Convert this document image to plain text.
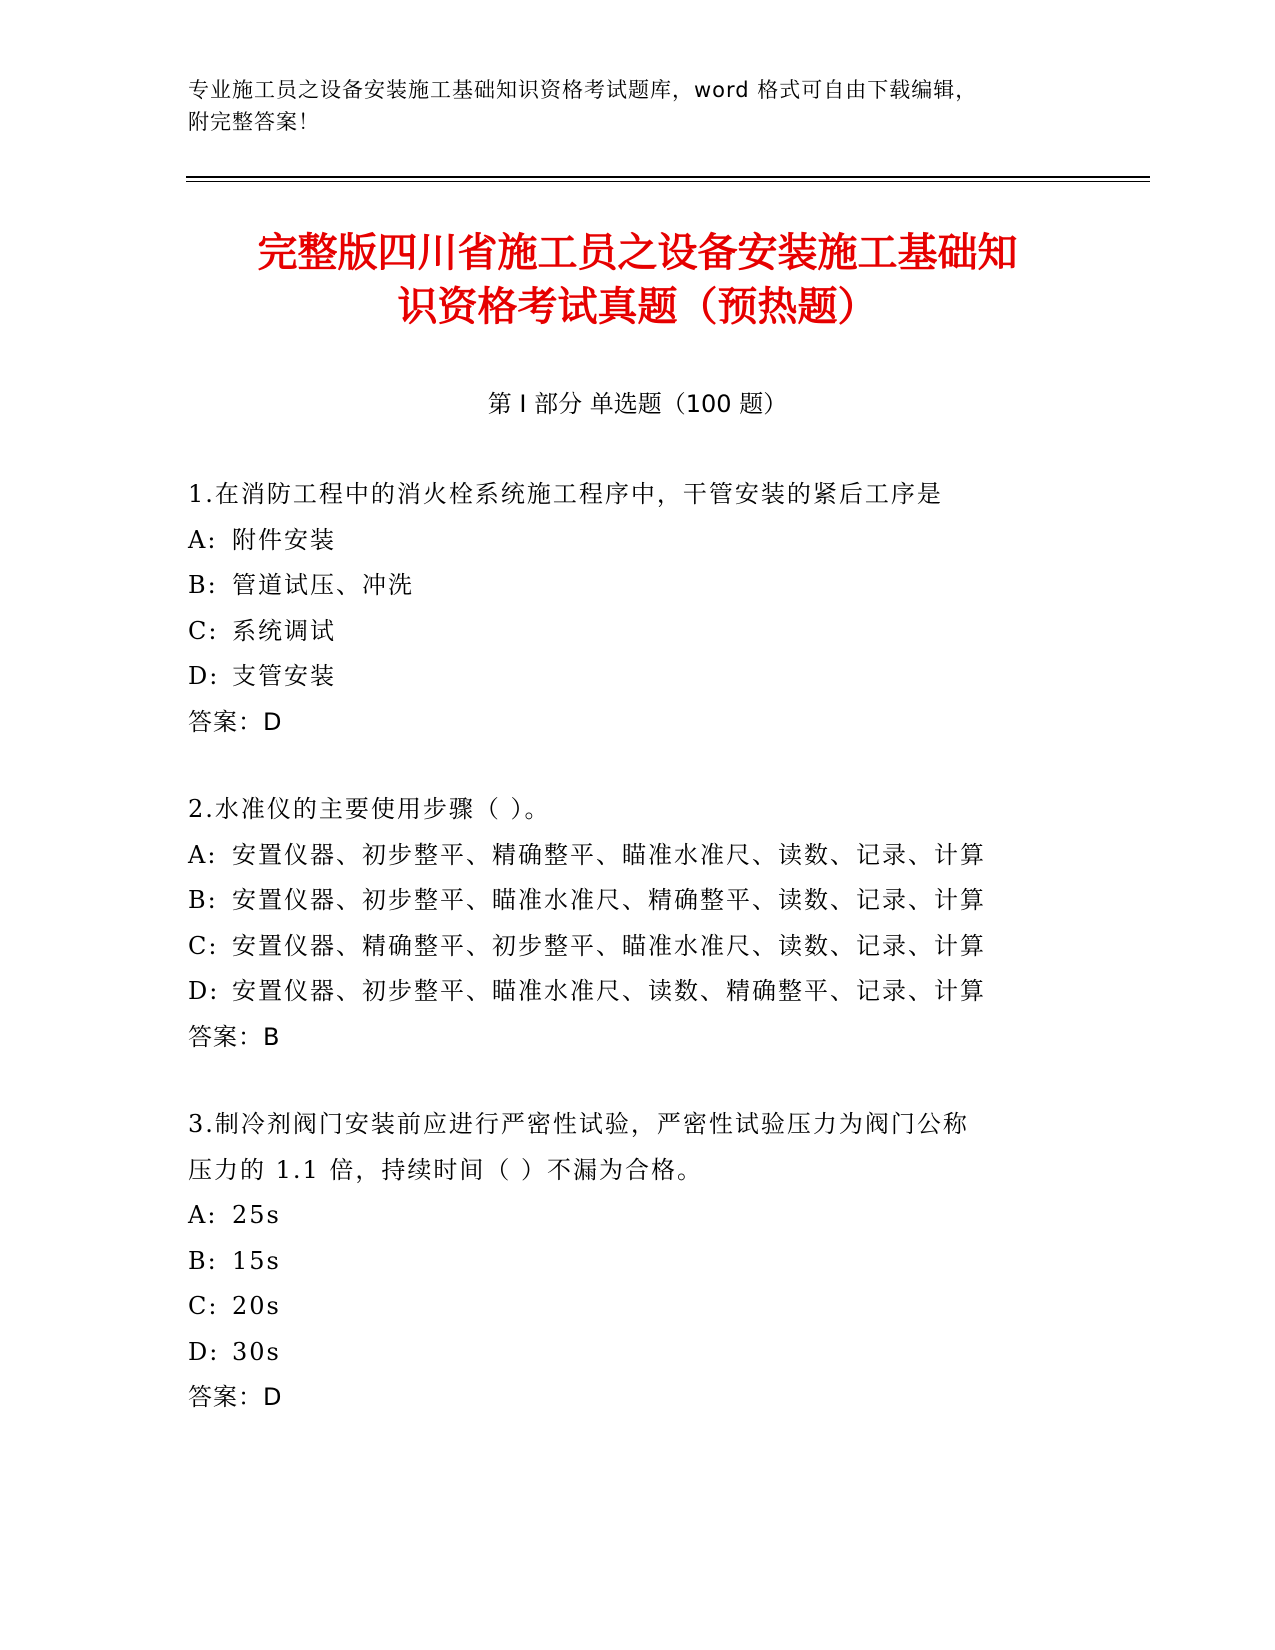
专业施工员之设备安装施工基础知识资格考试题库，word 格式可自由下载编辑，
附完整答案！
完整版四川省施工员之设备安装施工基础知
识资格考试真题（预热题）
第 I 部分 单选题（100 题）
1.在消防工程中的消火栓系统施工程序中，干管安装的紧后工序是
A: 附件安装
B: 管道试压、冲洗
C: 系统调试
D: 支管安装
答案：D
2.水准仪的主要使用步骤（ ）。
A: 安置仪器、初步整平、精确整平、瞄准水准尺、读数、记录、计算
B: 安置仪器、初步整平、瞄准水准尺、精确整平、读数、记录、计算
C: 安置仪器、精确整平、初步整平、瞄准水准尺、读数、记录、计算
D: 安置仪器、初步整平、瞄准水准尺、读数、精确整平、记录、计算
答案：B
3.制冷剂阀门安装前应进行严密性试验，严密性试验压力为阀门公称
压力的 1.1 倍，持续时间（ ）不漏为合格。
A: 25s
B: 15s
C: 20s
D: 30s
答案：D
